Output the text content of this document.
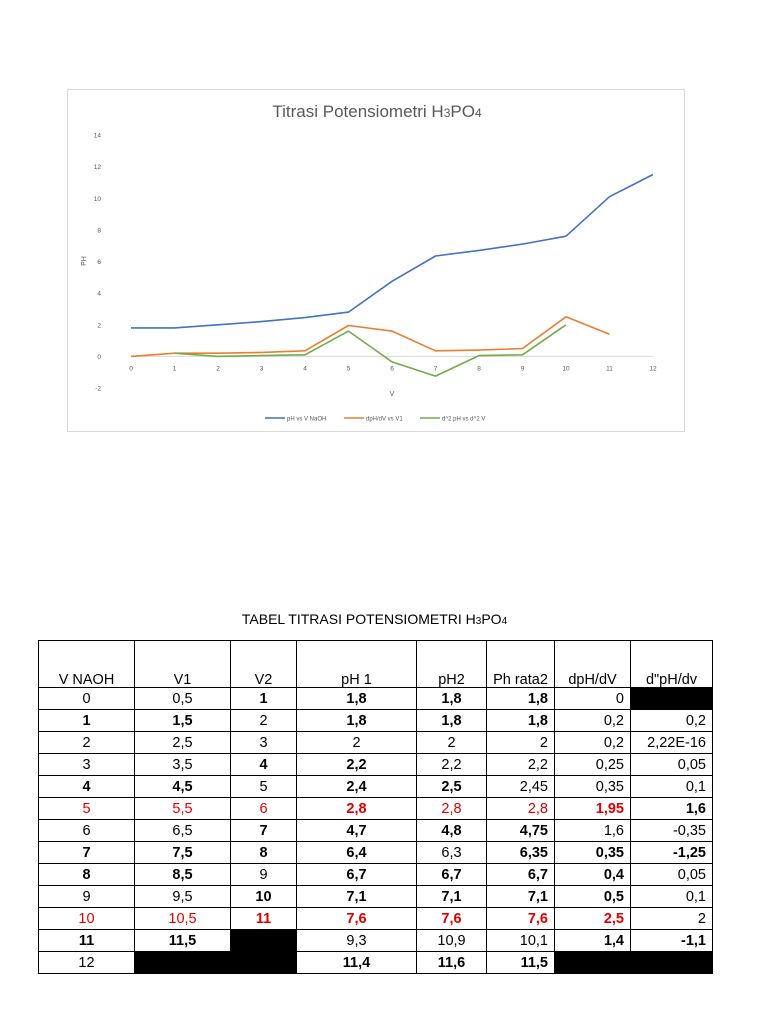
Titrasi Potensiometri H3PO4
-2
0
2
4
6
8
10
12
14
0	1	2	3	4	5	6	7	8	9	10	11	12
PH
V
pH vs V NaOH	dpH/dV vs V1	d^2 pH vs d^2 V
TABEL TITRASI POTENSIOMETRI H3PO4
V NAOH	V1	V2	pH 1	pH2	Ph rata2	dpH/dV	d"pH/dv
0	0,5	1	1,8	1,8	1,8	0	
1	1,5	2	1,8	1,8	1,8	0,2	0,2
2	2,5	3	2	2	2	0,2	2,22E-16
3	3,5	4	2,2	2,2	2,2	0,25	0,05
4	4,5	5	2,4	2,5	2,45	0,35	0,1
5	5,5	6	2,8	2,8	2,8	1,95	1,6
6	6,5	7	4,7	4,8	4,75	1,6	-0,35
7	7,5	8	6,4	6,3	6,35	0,35	-1,25
8	8,5	9	6,7	6,7	6,7	0,4	0,05
9	9,5	10	7,1	7,1	7,1	0,5	0,1
10	10,5	11	7,6	7,6	7,6	2,5	2
11	11,5		9,3	10,9	10,1	1,4	-1,1
12			11,4	11,6	11,5		
